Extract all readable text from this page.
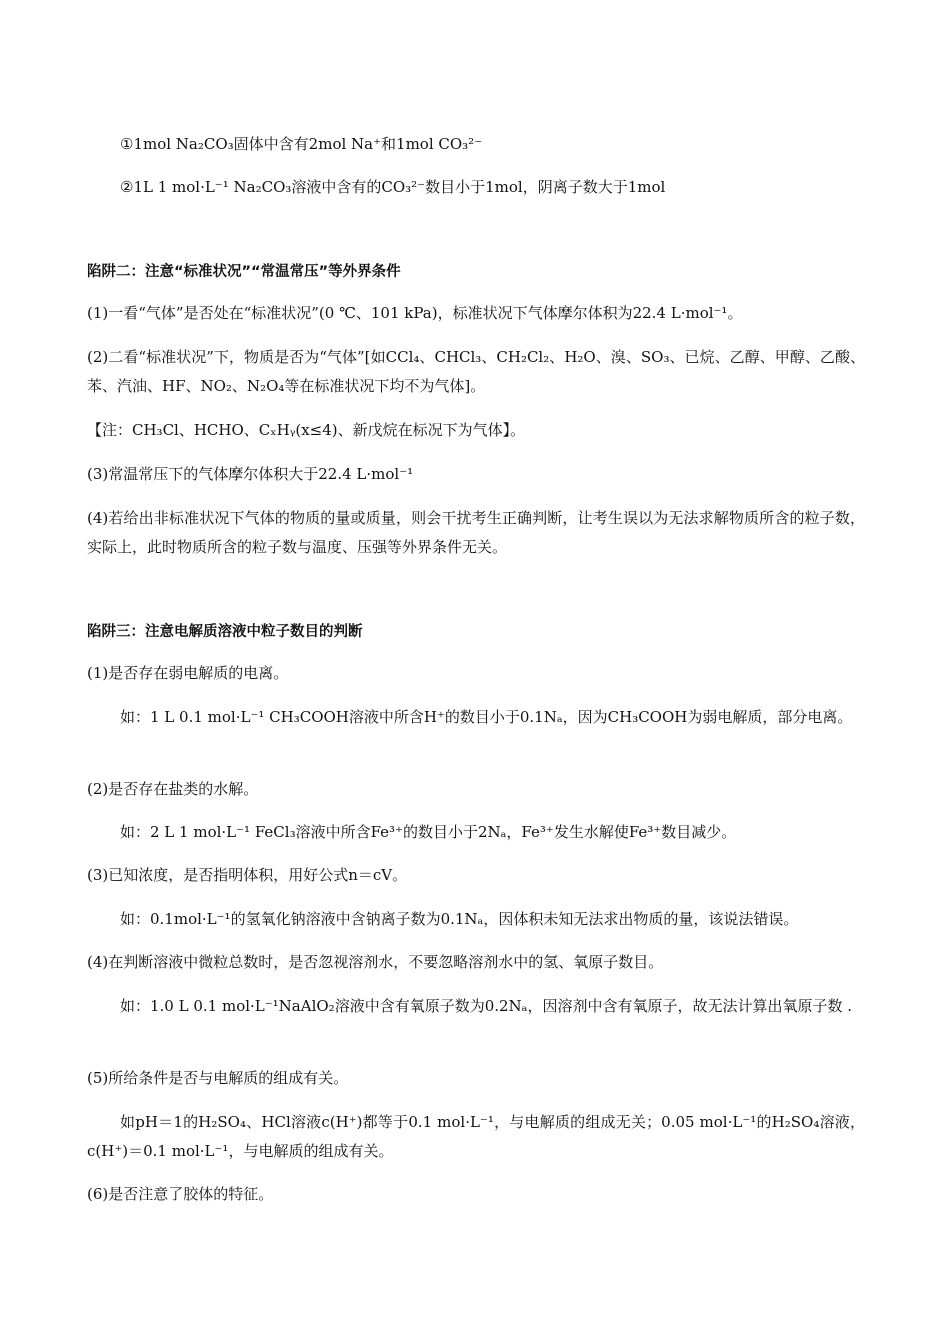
①1mol Na₂CO₃固体中含有2mol Na⁺和1mol CO₃²⁻
②1L 1 mol·L⁻¹ Na₂CO₃溶液中含有的CO₃²⁻数目小于1mol，阴离子数大于1mol
陷阱二：注意“标准状况”“常温常压”等外界条件
(1)一看“气体”是否处在“标准状况”(0 ℃、101 kPa)，标准状况下气体摩尔体积为22.4 L·mol⁻¹。
(2)二看“标准状况”下，物质是否为“气体”[如CCl₄、CHCl₃、CH₂Cl₂、H₂O、溴、SO₃、已烷、乙醇、甲醇、乙酸、苯、汽油、HF、NO₂、N₂O₄等在标准状况下均不为气体]。
【注：CH₃Cl、HCHO、CₓHᵧ(x≤4)、新戊烷在标况下为气体】。
(3)常温常压下的气体摩尔体积大于22.4 L·mol⁻¹
(4)若给出非标准状况下气体的物质的量或质量，则会干扰考生正确判断，让考生误以为无法求解物质所含的粒子数，实际上，此时物质所含的粒子数与温度、压强等外界条件无关。
陷阱三：注意电解质溶液中粒子数目的判断
(1)是否存在弱电解质的电离。
如：1 L 0.1 mol·L⁻¹ CH₃COOH溶液中所含H⁺的数目小于0.1Nₐ，因为CH₃COOH为弱电解质，部分电离。
(2)是否存在盐类的水解。
如：2 L 1 mol·L⁻¹ FeCl₃溶液中所含Fe³⁺的数目小于2Nₐ，Fe³⁺发生水解使Fe³⁺数目减少。
(3)已知浓度，是否指明体积，用好公式n＝cV。
如：0.1mol·L⁻¹的氢氧化钠溶液中含钠离子数为0.1Nₐ，因体积未知无法求出物质的量，该说法错误。
(4)在判断溶液中微粒总数时，是否忽视溶剂水，不要忽略溶剂水中的氢、氧原子数目。
如：1.0 L 0.1 mol·L⁻¹NaAlO₂溶液中含有氧原子数为0.2Nₐ，因溶剂中含有氧原子，故无法计算出氧原子数 .
(5)所给条件是否与电解质的组成有关。
如pH＝1的H₂SO₄、HCl溶液c(H⁺)都等于0.1 mol·L⁻¹，与电解质的组成无关；0.05 mol·L⁻¹的H₂SO₄溶液，c(H⁺)＝0.1 mol·L⁻¹，与电解质的组成有关。
(6)是否注意了胶体的特征。
